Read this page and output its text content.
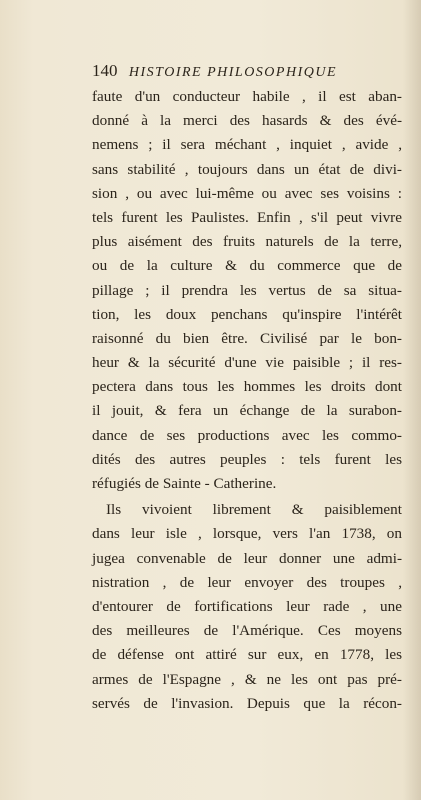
140 HISTOIRE PHILOSOPHIQUE
faute d'un conducteur habile , il est aban-
donné à la merci des hasards & des évé-
nemens ; il sera méchant , inquiet , avide ,
sans stabilité , toujours dans un état de divi-
sion , ou avec lui-même ou avec ses voisins :
tels furent les Paulistes. Enfin , s'il peut vivre
plus aisément des fruits naturels de la terre,
ou de la culture & du commerce que de
pillage ; il prendra les vertus de sa situa-
tion, les doux penchans qu'inspire l'intérêt
raisonné du bien être. Civilisé par le bon-
heur & la sécurité d'une vie paisible ; il res-
pectera dans tous les hommes les droits dont
il jouit, & fera un échange de la surabon-
dance de ses productions avec les commo-
dités des autres peuples : tels furent les
réfugiés de Sainte - Catherine.
Ils vivoient librement & paisiblement
dans leur isle , lorsque, vers l'an 1738, on
jugea convenable de leur donner une admi-
nistration , de leur envoyer des troupes ,
d'entourer de fortifications leur rade , une
des meilleures de l'Amérique. Ces moyens
de défense ont attiré sur eux, en 1778, les
armes de l'Espagne , & ne les ont pas pré-
servés de l'invasion. Depuis que la récon-
